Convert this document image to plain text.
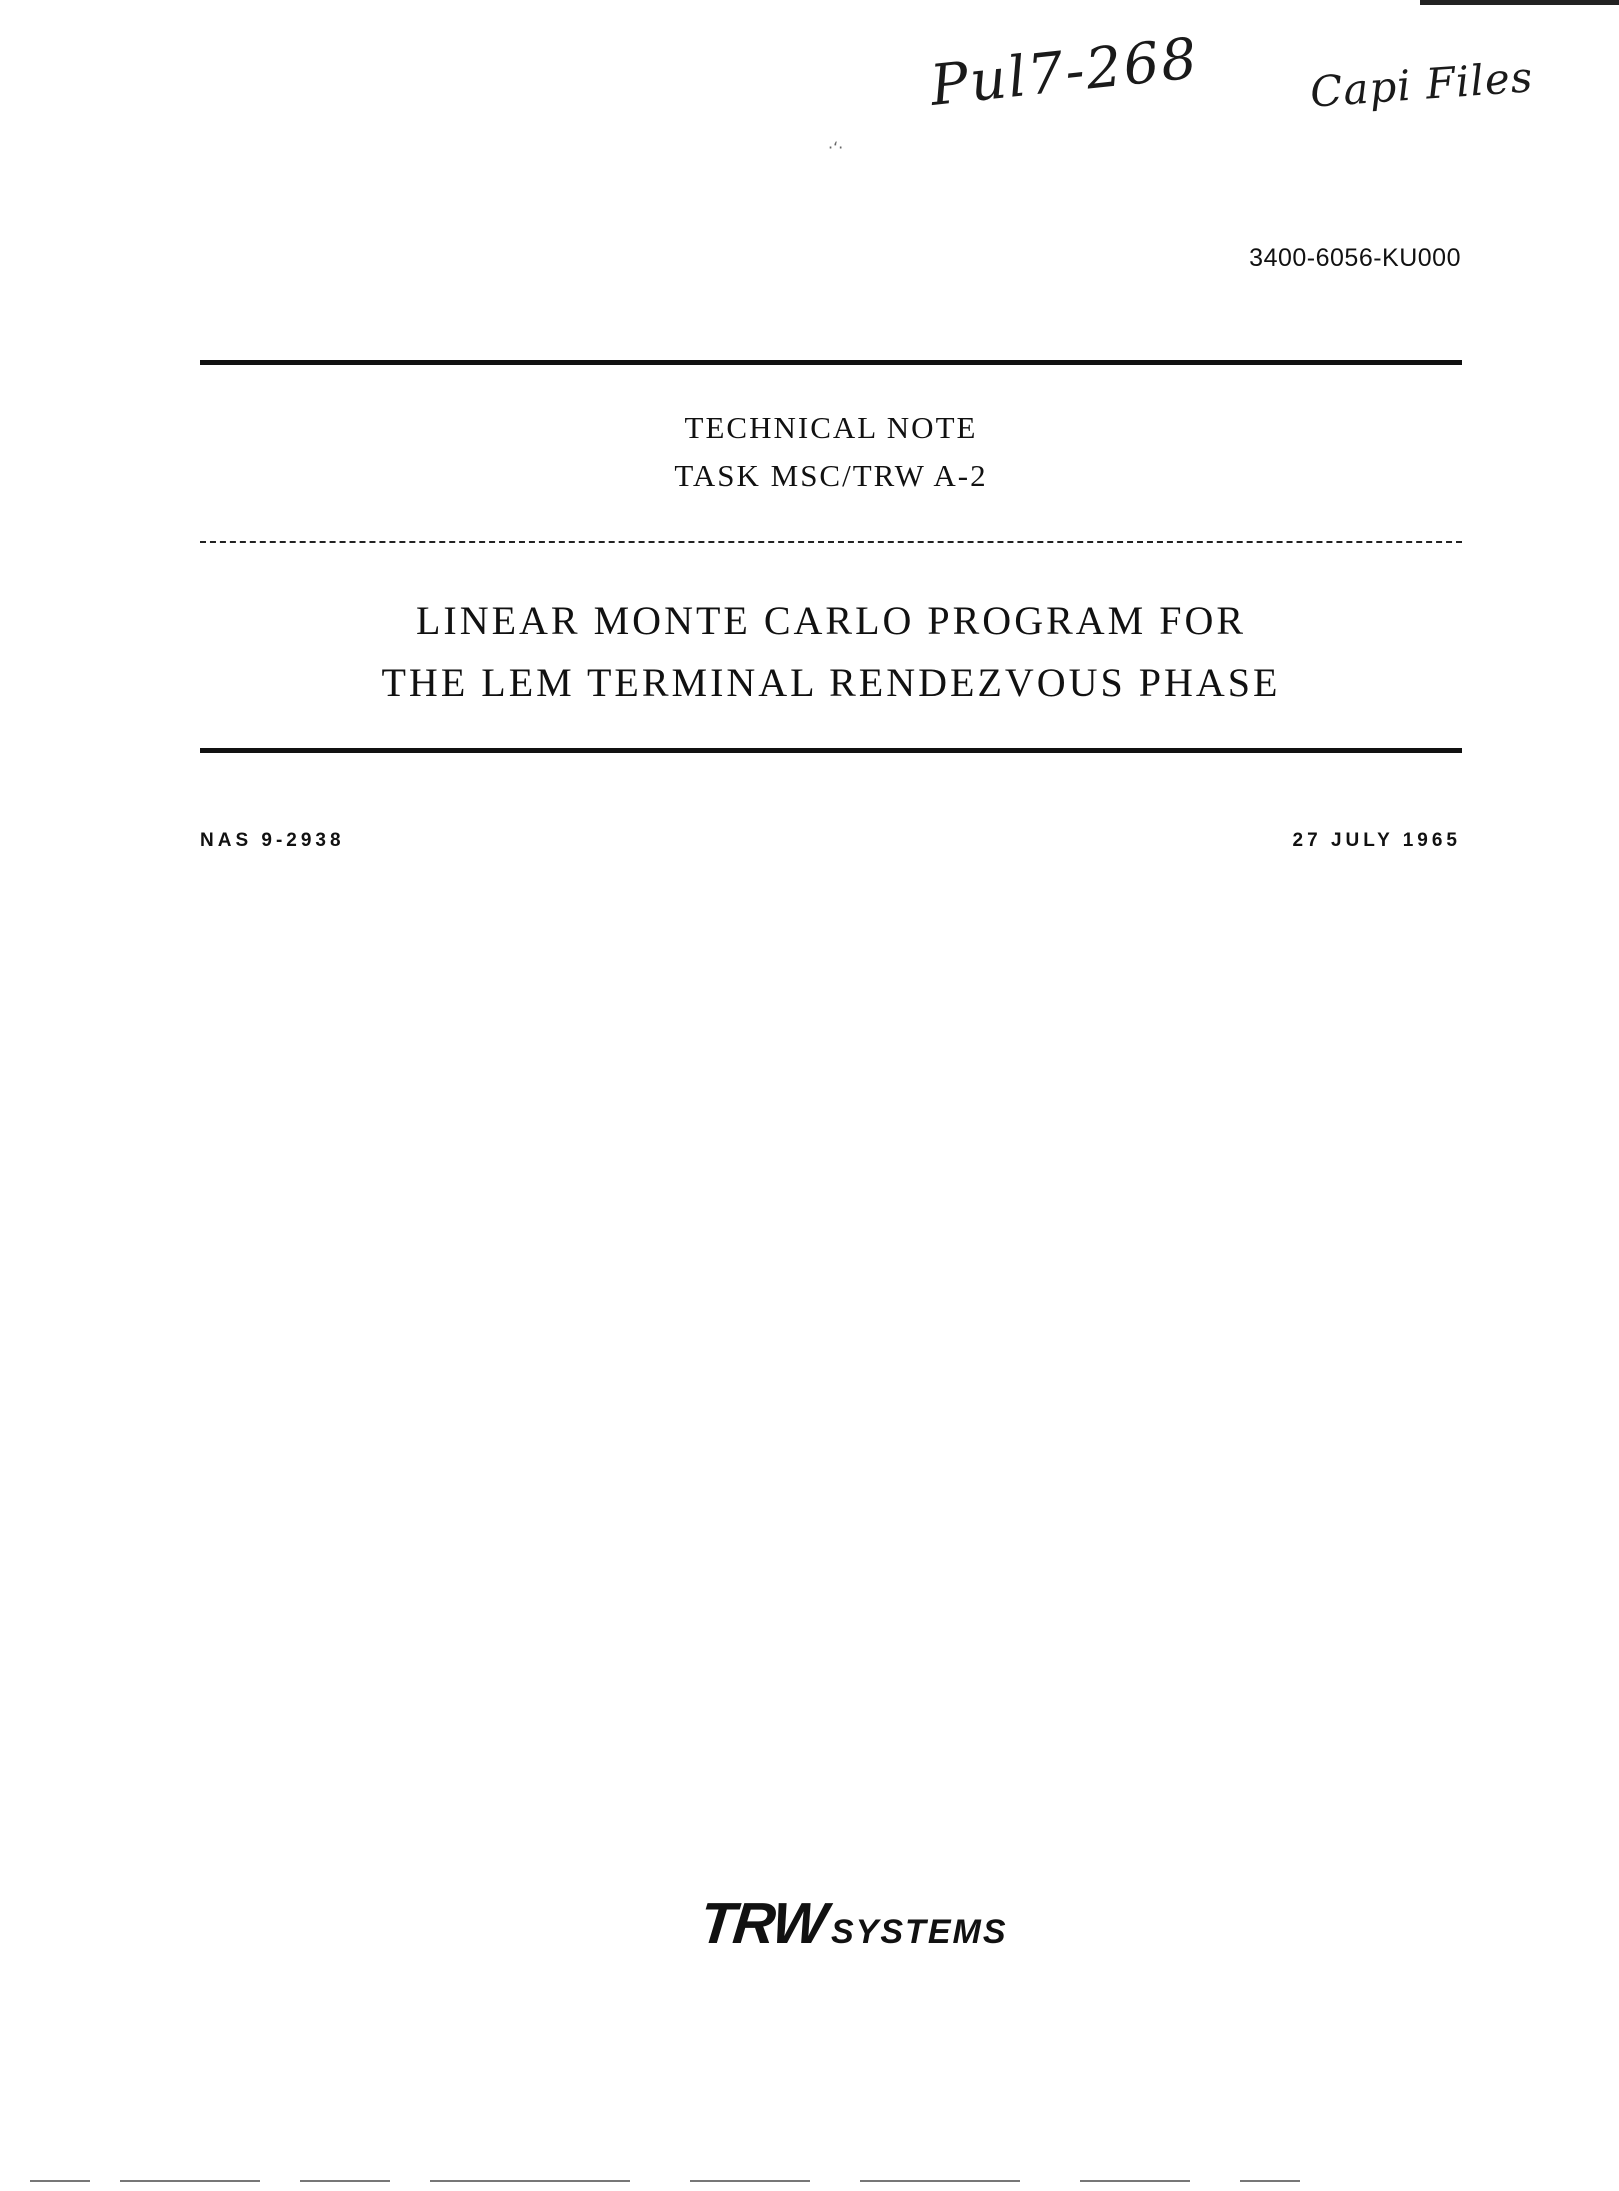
Pul7-268	Capi Files
·‘·
3400-6056-KU000
TECHNICAL NOTE
TASK MSC/TRW A-2
LINEAR MONTE CARLO PROGRAM FOR
THE LEM TERMINAL RENDEZVOUS PHASE
NAS 9-2938	27 JULY 1965
TRWSYSTEMS
